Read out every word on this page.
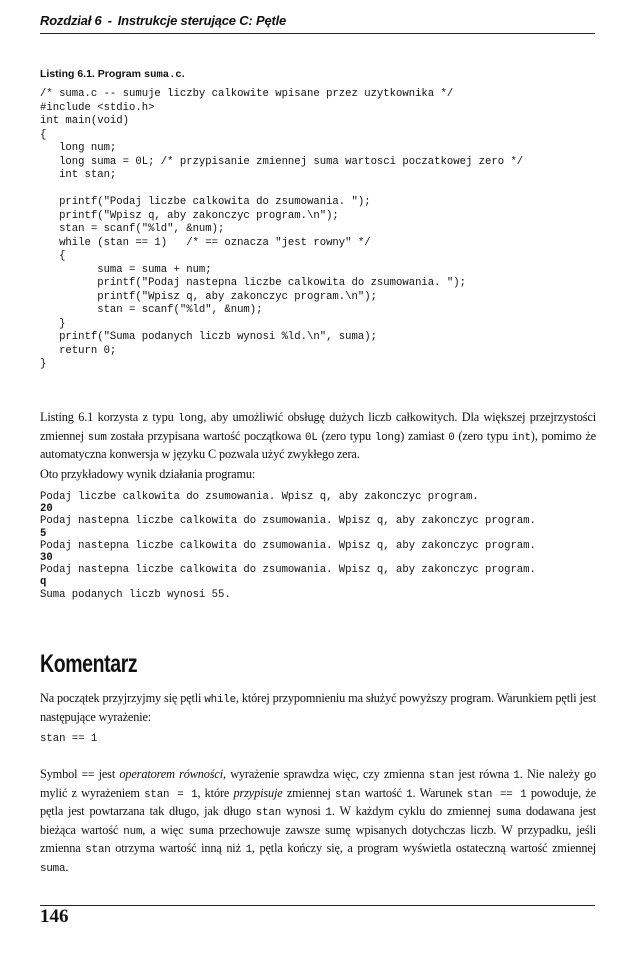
Rozdział 6 - Instrukcje sterujące C: Pętle
Listing 6.1. Program suma.c.
/* suma.c -- sumuje liczby calkowite wpisane przez uzytkownika */
#include <stdio.h>
int main(void)
{
long num;
long suma = 0L; /* przypisanie zmiennej suma wartosci poczatkowej zero */
int stan;

printf("Podaj liczbe calkowita do zsumowania. ");
printf("Wpisz q, aby zakonczyc program.\n");
stan = scanf("%ld", &num);
while (stan == 1)   /* == oznacza "jest rowny" */
{
suma = suma + num;
printf("Podaj nastepna liczbe calkowita do zsumowania. ");
printf("Wpisz q, aby zakonczyc program.\n");
stan = scanf("%ld", &num);
}
printf("Suma podanych liczb wynosi %ld.\n", suma);
return 0;
}
Listing 6.1 korzysta z typu long, aby umożliwić obsługę dużych liczb całkowitych. Dla większej przejrzystości zmiennej sum została przypisana wartość początkowa 0L (zero typu long) zamiast 0 (zero typu int), pomimo że automatyczna konwersja w języku C pozwala użyć zwykłego zera.
Oto przykładowy wynik działania programu:
Podaj liczbe calkowita do zsumowania. Wpisz q, aby zakonczyc program.
20
Podaj nastepna liczbe calkowita do zsumowania. Wpisz q, aby zakonczyc program.
5
Podaj nastepna liczbe calkowita do zsumowania. Wpisz q, aby zakonczyc program.
30
Podaj nastepna liczbe calkowita do zsumowania. Wpisz q, aby zakonczyc program.
q
Suma podanych liczb wynosi 55.
Komentarz
Na początek przyjrzyjmy się pętli while, której przypomnieniu ma służyć powyższy program. Warunkiem pętli jest następujące wyrażenie:
stan == 1
Symbol == jest operatorem równości, wyrażenie sprawdza więc, czy zmienna stan jest równa 1. Nie należy go mylić z wyrażeniem stan = 1, które przypisuje zmiennej stan wartość 1. Warunek stan == 1 powoduje, że pętla jest powtarzana tak długo, jak długo stan wynosi 1. W każdym cyklu do zmiennej suma dodawana jest bieżąca wartość num, a więc suma przechowuje zawsze sumę wpisanych dotychczas liczb. W przypadku, jeśli zmienna stan otrzyma wartość inną niż 1, pętla kończy się, a program wyświetla ostateczną wartość zmiennej suma.
146
